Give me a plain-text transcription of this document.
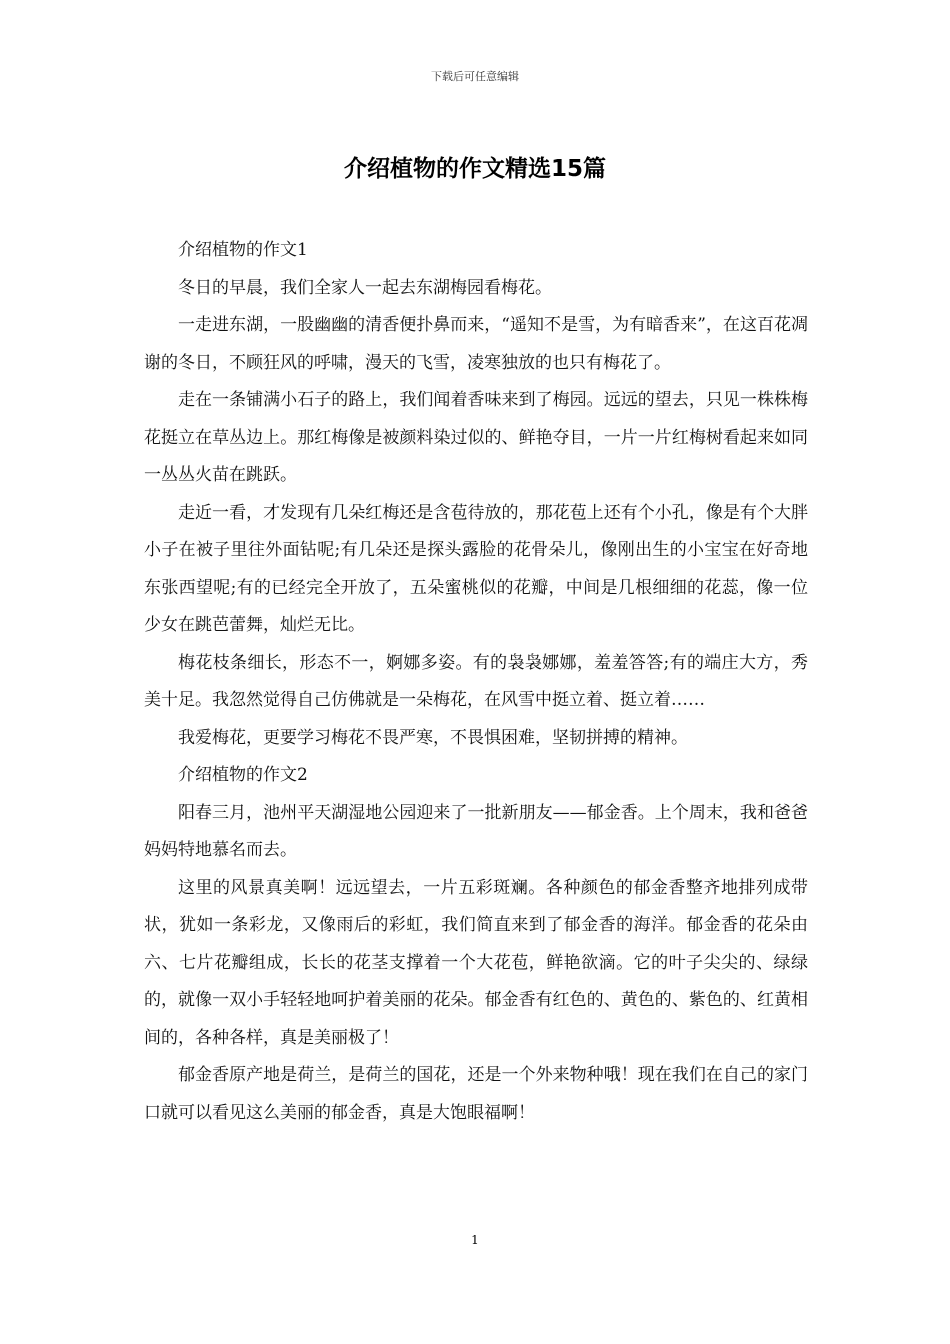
下载后可任意编辑
介绍植物的作文精选15篇

介绍植物的作文1

冬日的早晨，我们全家人一起去东湖梅园看梅花。

一走进东湖，一股幽幽的清香便扑鼻而来，“遥知不是雪，为有暗香来”，在这百花凋谢的冬日，不顾狂风的呼啸，漫天的飞雪，凌寒独放的也只有梅花了。

走在一条铺满小石子的路上，我们闻着香味来到了梅园。远远的望去，只见一株株梅花挺立在草丛边上。那红梅像是被颜料染过似的、鲜艳夺目，一片一片红梅树看起来如同一丛丛火苗在跳跃。

走近一看，才发现有几朵红梅还是含苞待放的，那花苞上还有个小孔，像是有个大胖小子在被子里往外面钻呢;有几朵还是探头露脸的花骨朵儿，像刚出生的小宝宝在好奇地东张西望呢;有的已经完全开放了，五朵蜜桃似的花瓣，中间是几根细细的花蕊，像一位少女在跳芭蕾舞，灿烂无比。

梅花枝条细长，形态不一，婀娜多姿。有的袅袅娜娜，羞羞答答;有的端庄大方，秀美十足。我忽然觉得自己仿佛就是一朵梅花，在风雪中挺立着、挺立着……

我爱梅花，更要学习梅花不畏严寒，不畏惧困难，坚韧拼搏的精神。

介绍植物的作文2

阳春三月，池州平天湖湿地公园迎来了一批新朋友——郁金香。上个周末，我和爸爸妈妈特地慕名而去。

这里的风景真美啊！远远望去，一片五彩斑斓。各种颜色的郁金香整齐地排列成带状，犹如一条彩龙，又像雨后的彩虹，我们简直来到了郁金香的海洋。郁金香的花朵由六、七片花瓣组成，长长的花茎支撑着一个大花苞，鲜艳欲滴。它的叶子尖尖的、绿绿的，就像一双小手轻轻地呵护着美丽的花朵。郁金香有红色的、黄色的、紫色的、红黄相间的，各种各样，真是美丽极了！

郁金香原产地是荷兰，是荷兰的国花，还是一个外来物种哦！现在我们在自己的家门口就可以看见这么美丽的郁金香，真是大饱眼福啊！

1
